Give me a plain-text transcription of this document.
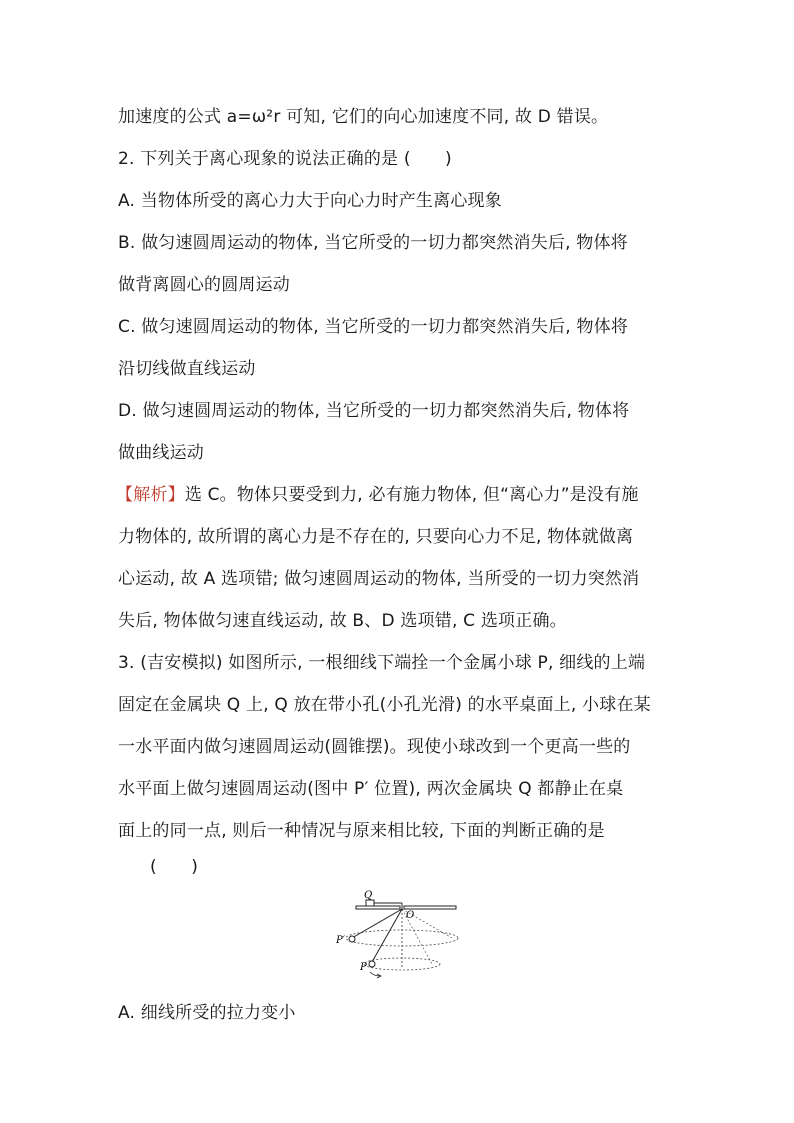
加速度的公式 a=ω²r 可知, 它们的向心加速度不同, 故 D 错误。
2. 下列关于离心现象的说法正确的是 (　　)
A. 当物体所受的离心力大于向心力时产生离心现象
B. 做匀速圆周运动的物体, 当它所受的一切力都突然消失后, 物体将
做背离圆心的圆周运动
C. 做匀速圆周运动的物体, 当它所受的一切力都突然消失后, 物体将
沿切线做直线运动
D. 做匀速圆周运动的物体, 当它所受的一切力都突然消失后, 物体将
做曲线运动
【解析】选 C。物体只要受到力, 必有施力物体, 但“离心力”是没有施
力物体的, 故所谓的离心力是不存在的, 只要向心力不足, 物体就做离
心运动, 故 A 选项错; 做匀速圆周运动的物体, 当所受的一切力突然消
失后, 物体做匀速直线运动, 故 B、D 选项错, C 选项正确。
3. (吉安模拟) 如图所示, 一根细线下端拴一个金属小球 P, 细线的上端
固定在金属块 Q 上, Q 放在带小孔(小孔光滑) 的水平桌面上, 小球在某
一水平面内做匀速圆周运动(圆锥摆)。现使小球改到一个更高一些的
水平面上做匀速圆周运动(图中 P′ 位置), 两次金属块 Q 都静止在桌
面上的同一点, 则后一种情况与原来相比较, 下面的判断正确的是
(　　)
Q
O
P′
P
A. 细线所受的拉力变小
